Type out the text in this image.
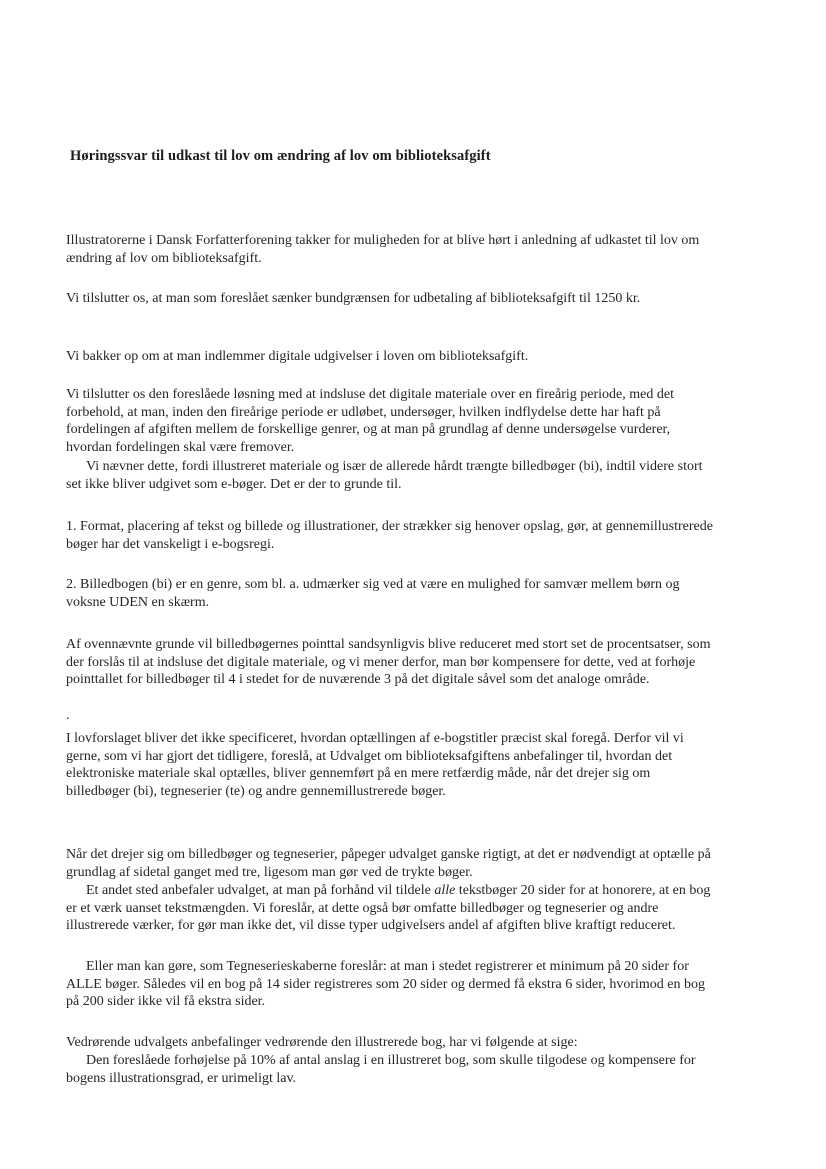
Høringssvar til udkast til lov om ændring af lov om biblioteksafgift
Illustratorerne i Dansk Forfatterforening takker for muligheden for at blive hørt i anledning af udkastet til lov om ændring af lov om biblioteksafgift.
Vi tilslutter os, at man som foreslået sænker bundgrænsen for udbetaling af biblioteksafgift til 1250 kr.
Vi bakker op om at man indlemmer digitale udgivelser i loven om biblioteksafgift.
Vi tilslutter os den foreslåede løsning med at indsluse det digitale materiale over en fireårig periode, med det forbehold, at man, inden den fireårige periode er udløbet, undersøger, hvilken indflydelse dette har haft på fordelingen af afgiften mellem de forskellige genrer, og at man på grundlag af denne undersøgelse vurderer, hvordan fordelingen skal være fremover.
Vi nævner dette, fordi illustreret materiale og især de allerede hårdt trængte billedbøger (bi), indtil videre stort set ikke bliver udgivet som e-bøger. Det er der to grunde til.
1. Format, placering af tekst og billede og illustrationer, der strækker sig henover opslag, gør, at gennemillustrerede bøger har det vanskeligt i e-bogsregi.
2. Billedbogen (bi) er en genre, som bl. a. udmærker sig ved at være en mulighed for samvær mellem børn og voksne UDEN en skærm.
Af ovennævnte grunde vil billedbøgernes pointtal sandsynligvis blive reduceret med stort set de procentsatser, som der forslås til at indsluse det digitale materiale, og vi mener derfor, man bør kompensere for dette, ved at forhøje pointtallet for billedbøger til 4 i stedet for de nuværende 3 på det digitale såvel som det analoge område.
.
I lovforslaget bliver det ikke specificeret, hvordan optællingen af e-bogstitler præcist skal foregå. Derfor vil vi gerne, som vi har gjort det tidligere, foreslå, at Udvalget om biblioteksafgiftens anbefalinger til, hvordan det elektroniske materiale skal optælles, bliver gennemført på en mere retfærdig måde, når det drejer sig om billedbøger (bi), tegneserier (te) og andre gennemillustrerede bøger.
Når det drejer sig om billedbøger og tegneserier, påpeger udvalget ganske rigtigt, at det er nødvendigt at optælle på grundlag af sidetal ganget med tre, ligesom man gør ved de trykte bøger.
Et andet sted anbefaler udvalget, at man på forhånd vil tildele alle tekstbøger 20 sider for at honorere, at en bog er et værk uanset tekstmængden. Vi foreslår, at dette også bør omfatte billedbøger og tegneserier og andre illustrerede værker, for gør man ikke det, vil disse typer udgivelsers andel af afgiften blive kraftigt reduceret.
Eller man kan gøre, som Tegneserieskaberne foreslår: at man i stedet registrerer et minimum på 20 sider for ALLE bøger. Således vil en bog på 14 sider registreres som 20 sider og dermed få ekstra 6 sider, hvorimod en bog på 200 sider ikke vil få ekstra sider.
Vedrørende udvalgets anbefalinger vedrørende den illustrerede bog, har vi følgende at sige:
Den foreslåede forhøjelse på 10% af antal anslag i en illustreret bog, som skulle tilgodese og kompensere for bogens illustrationsgrad, er urimeligt lav.
